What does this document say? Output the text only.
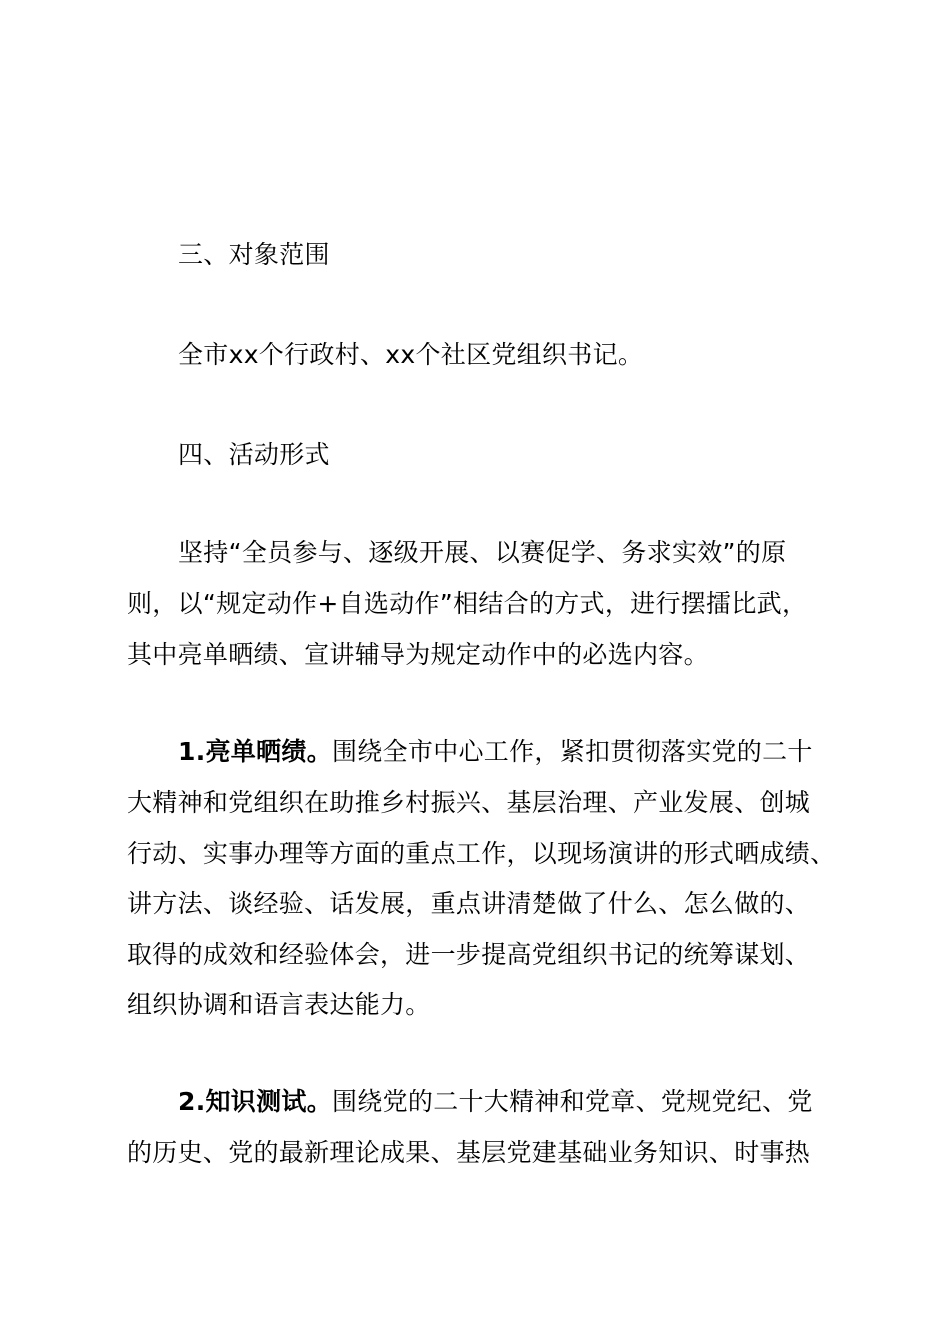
三、对象范围
全市xx个行政村、xx个社区党组织书记。
四、活动形式
坚持“全员参与、逐级开展、以赛促学、务求实效”的原
则，以“规定动作+自选动作”相结合的方式，进行摆擂比武，
其中亮单晒绩、宣讲辅导为规定动作中的必选内容。
1.亮单晒绩。围绕全市中心工作，紧扣贯彻落实党的二十
大精神和党组织在助推乡村振兴、基层治理、产业发展、创城
行动、实事办理等方面的重点工作，以现场演讲的形式晒成绩、
讲方法、谈经验、话发展，重点讲清楚做了什么、怎么做的、
取得的成效和经验体会，进一步提高党组织书记的统筹谋划、
组织协调和语言表达能力。
2.知识测试。围绕党的二十大精神和党章、党规党纪、党
的历史、党的最新理论成果、基层党建基础业务知识、时事热
